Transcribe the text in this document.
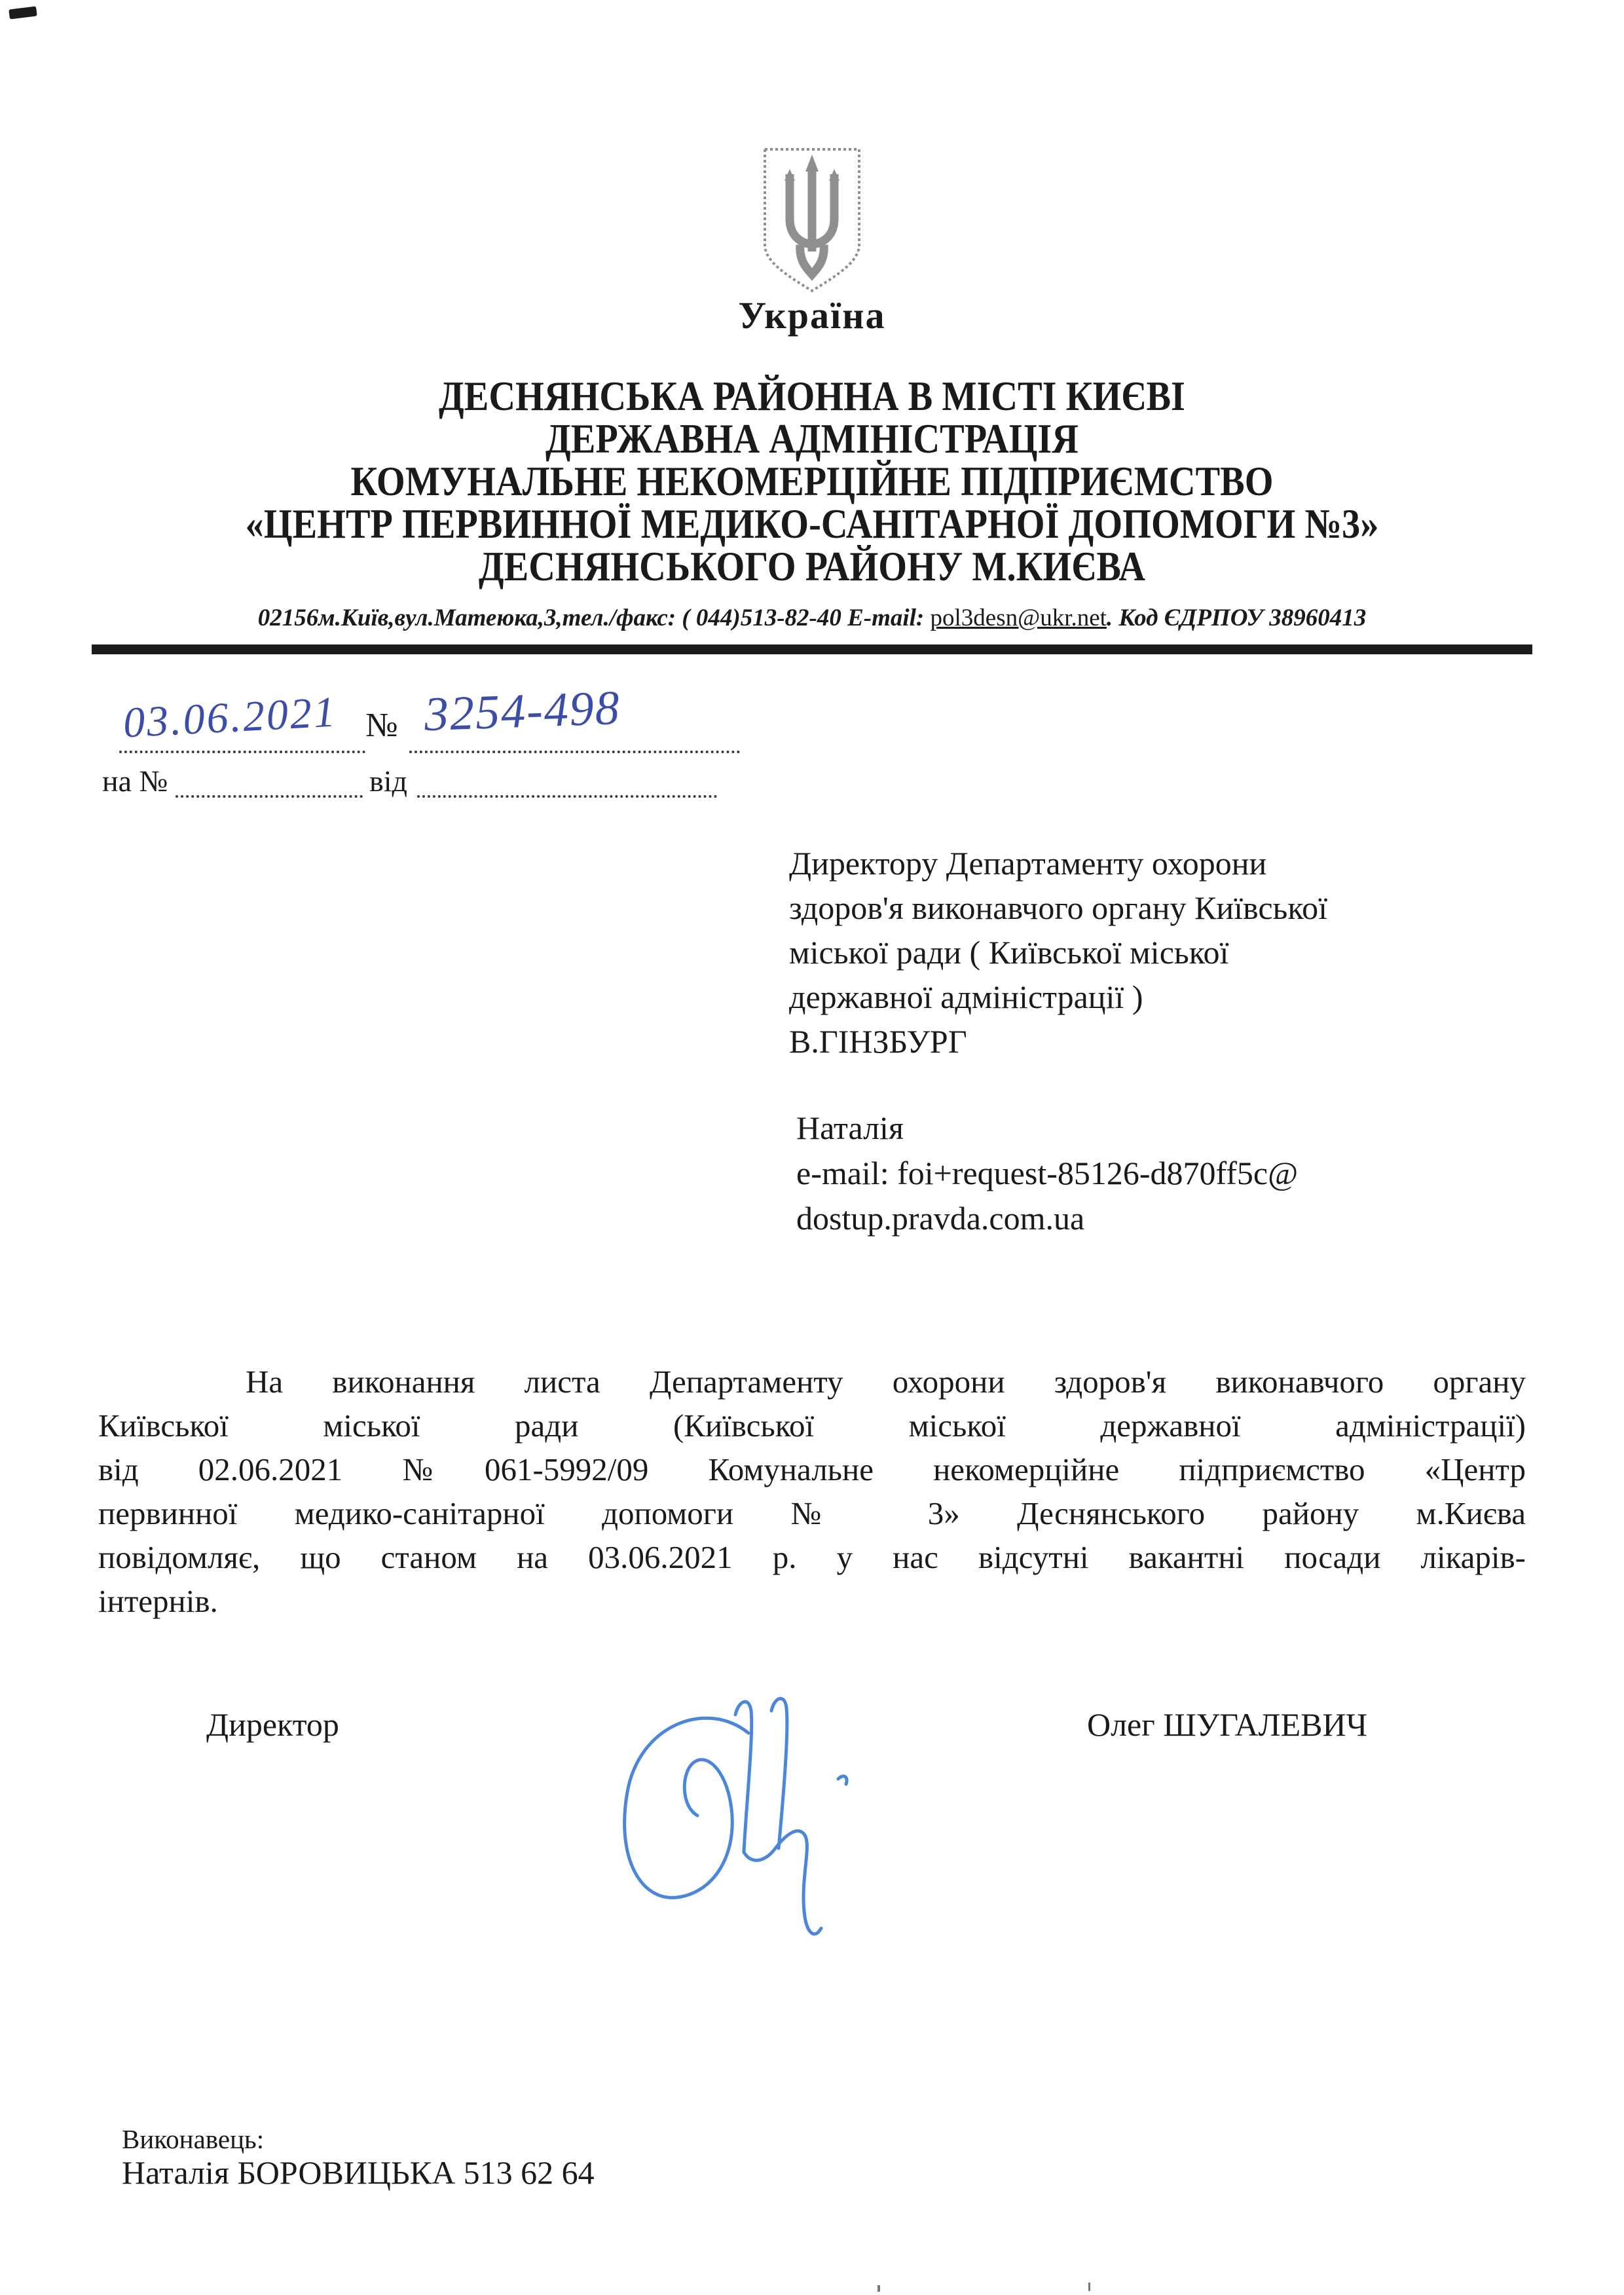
Україна
ДЕСНЯНСЬКА РАЙОННА В МІСТІ КИЄВІ
ДЕРЖАВНА АДМІНІСТРАЦІЯ
КОМУНАЛЬНЕ НЕКОМЕРЦІЙНЕ ПІДПРИЄМСТВО
«ЦЕНТР ПЕРВИННОЇ МЕДИКО-САНІТАРНОЇ ДОПОМОГИ №3»
ДЕСНЯНСЬКОГО РАЙОНУ М.КИЄВА
02156м.Київ,вул.Матеюка,3,тел./факс: ( 044)513-82-40 E-mail: pol3desn@ukr.net. Код ЄДРПОУ 38960413
03.06.2021 № 3254-498
на №	від
Директору Департаменту охорони
здоров'я виконавчого органу Київської
міської ради ( Київської міської
державної адміністрації )
В.ГІНЗБУРГ
Наталія
e-mail: foi+request-85126-d870ff5c@
dostup.pravda.com.ua
На виконання листа Департаменту охорони здоров'я виконавчого органу
Київської міської ради (Київської міської державної адміністрації)
від 02.06.2021 №061-5992/09 Комунальне некомерційне підприємство «Центр
первинної медико-санітарної допомоги № 3» Деснянського району м.Києва
повідомляє, що станом на 03.06.2021 р. у нас відсутні вакантні посади лікарів-
інтернів.
Директор	Олег ШУГАЛЕВИЧ
Виконавець:
Наталія БОРОВИЦЬКА 513 62 64
